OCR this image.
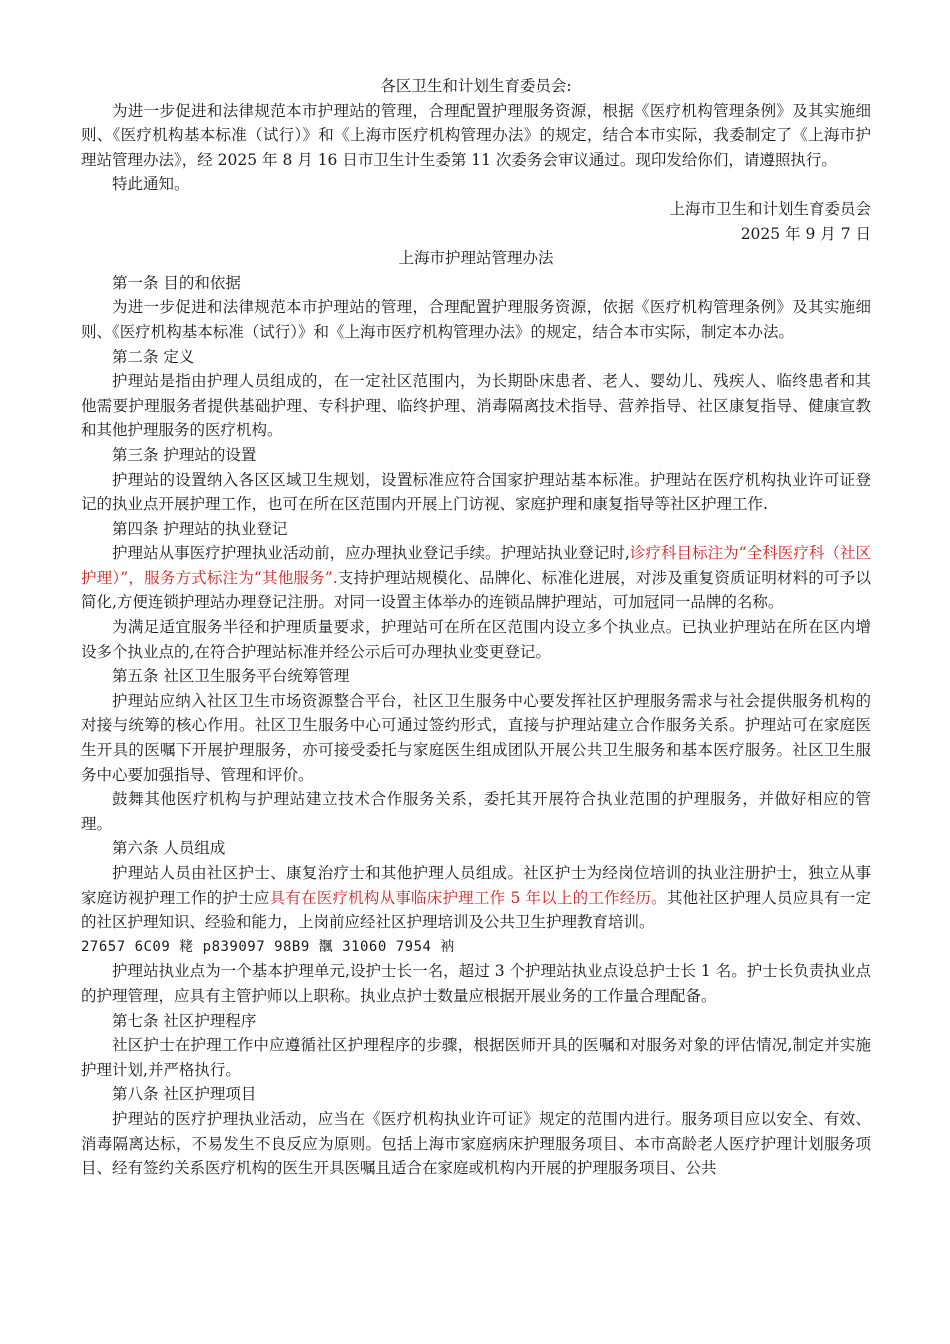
各区卫生和计划生育委员会:

为进一步促进和法律规范本市护理站的管理，合理配置护理服务资源，根据《医疗机构管理条例》及其实施细则、《医疗机构基本标准（试行）》和《上海市医疗机构管理办法》的规定，结合本市实际，我委制定了《上海市护理站管理办法》，经 2025 年 8 月 16 日市卫生计生委第 11 次委务会审议通过。现印发给你们，请遵照执行。

特此通知。

上海市卫生和计划生育委员会

2025 年 9 月 7 日

上海市护理站管理办法

第一条 目的和依据

为进一步促进和法律规范本市护理站的管理，合理配置护理服务资源，依据《医疗机构管理条例》及其实施细则、《医疗机构基本标准（试行）》和《上海市医疗机构管理办法》的规定，结合本市实际，制定本办法。

第二条 定义

护理站是指由护理人员组成的，在一定社区范围内，为长期卧床患者、老人、婴幼儿、残疾人、临终患者和其他需要护理服务者提供基础护理、专科护理、临终护理、消毒隔离技术指导、营养指导、社区康复指导、健康宣教和其他护理服务的医疗机构。

第三条 护理站的设置

护理站的设置纳入各区区域卫生规划，设置标准应符合国家护理站基本标准。护理站在医疗机构执业许可证登记的执业点开展护理工作，也可在所在区范围内开展上门访视、家庭护理和康复指导等社区护理工作.

第四条 护理站的执业登记

护理站从事医疗护理执业活动前，应办理执业登记手续。护理站执业登记时,诊疗科目标注为“全科医疗科（社区护理）”，服务方式标注为“其他服务”.支持护理站规模化、品牌化、标准化进展，对涉及重复资质证明材料的可予以简化,方便连锁护理站办理登记注册。对同一设置主体举办的连锁品牌护理站，可加冠同一品牌的名称。

为满足适宜服务半径和护理质量要求，护理站可在所在区范围内设立多个执业点。已执业护理站在所在区内增设多个执业点的,在符合护理站标准并经公示后可办理执业变更登记。

第五条 社区卫生服务平台统筹管理

护理站应纳入社区卫生市场资源整合平台，社区卫生服务中心要发挥社区护理服务需求与社会提供服务机构的对接与统筹的核心作用。社区卫生服务中心可通过签约形式，直接与护理站建立合作服务关系。护理站可在家庭医生开具的医嘱下开展护理服务，亦可接受委托与家庭医生组成团队开展公共卫生服务和基本医疗服务。社区卫生服务中心要加强指导、管理和评价。

鼓舞其他医疗机构与护理站建立技术合作服务关系，委托其开展符合执业范围的护理服务，并做好相应的管理。

第六条 人员组成

护理站人员由社区护士、康复治疗士和其他护理人员组成。社区护士为经岗位培训的执业注册护士，独立从事家庭访视护理工作的护士应具有在医疗机构从事临床护理工作 5 年以上的工作经历。其他社区护理人员应具有一定的社区护理知识、经验和能力，上岗前应经社区护理培训及公共卫生护理教育培训。

27657 6C09 粩 p839097 98B9 飁 31060 7954 衲

护理站执业点为一个基本护理单元,设护士长一名，超过 3 个护理站执业点设总护士长 1 名。护士长负责执业点的护理管理，应具有主管护师以上职称。执业点护士数量应根据开展业务的工作量合理配备。

第七条 社区护理程序

社区护士在护理工作中应遵循社区护理程序的步骤，根据医师开具的医嘱和对服务对象的评估情况,制定并实施护理计划,并严格执行。

第八条 社区护理项目

护理站的医疗护理执业活动，应当在《医疗机构执业许可证》规定的范围内进行。服务项目应以安全、有效、消毒隔离达标，不易发生不良反应为原则。包括上海市家庭病床护理服务项目、本市高龄老人医疗护理计划服务项目、经有签约关系医疗机构的医生开具医嘱且适合在家庭或机构内开展的护理服务项目、公共
